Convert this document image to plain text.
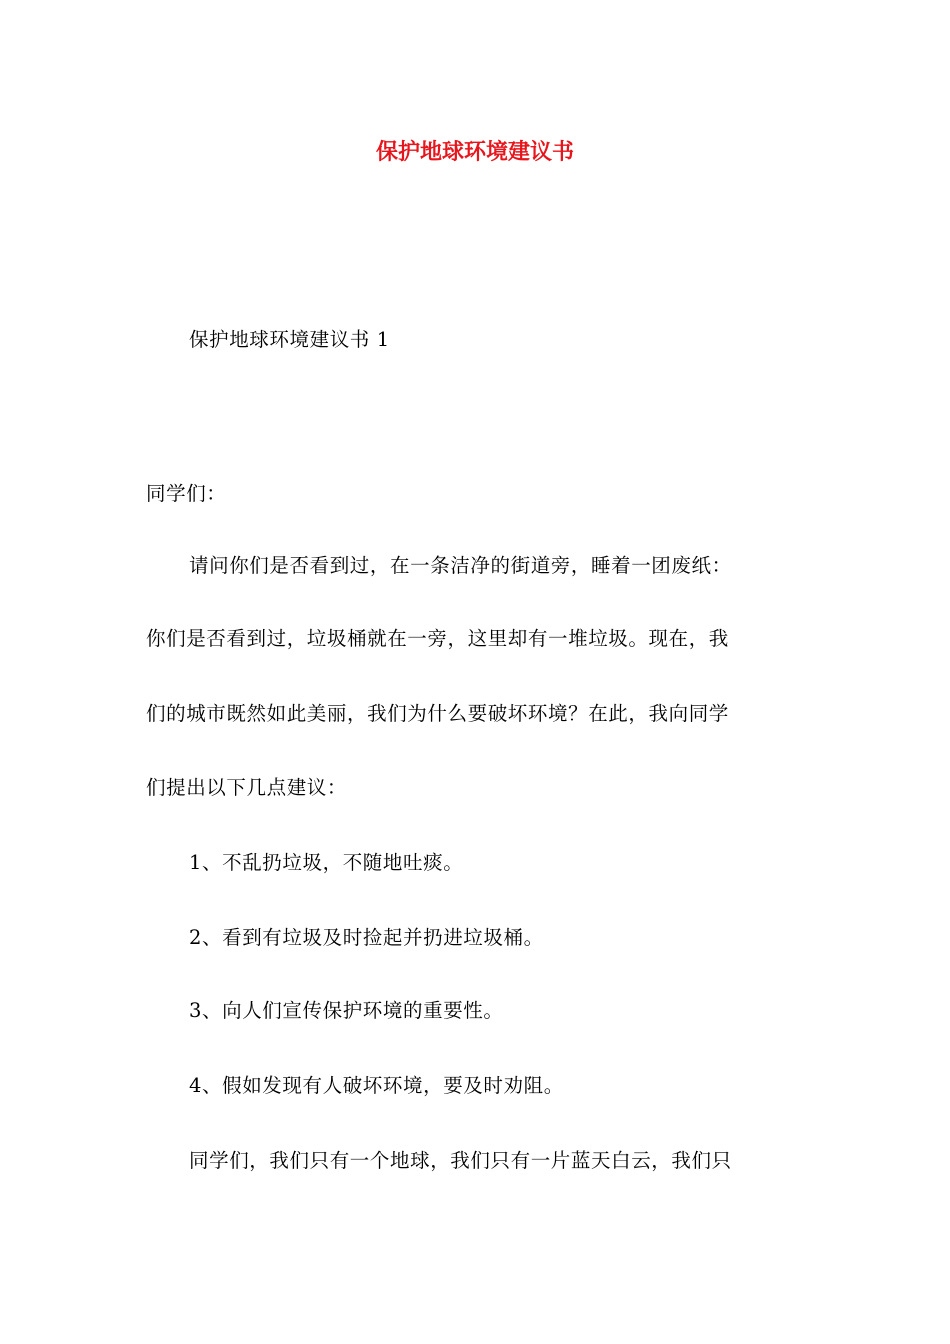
保护地球环境建议书
保护地球环境建议书 1
同学们：
请问你们是否看到过，在一条洁净的街道旁，睡着一团废纸：
你们是否看到过，垃圾桶就在一旁，这里却有一堆垃圾。现在，我
们的城市既然如此美丽，我们为什么要破坏环境？在此，我向同学
们提出以下几点建议：
1、不乱扔垃圾，不随地吐痰。
2、看到有垃圾及时捡起并扔进垃圾桶。
3、向人们宣传保护环境的重要性。
4、假如发现有人破坏环境，要及时劝阻。
同学们，我们只有一个地球，我们只有一片蓝天白云，我们只
